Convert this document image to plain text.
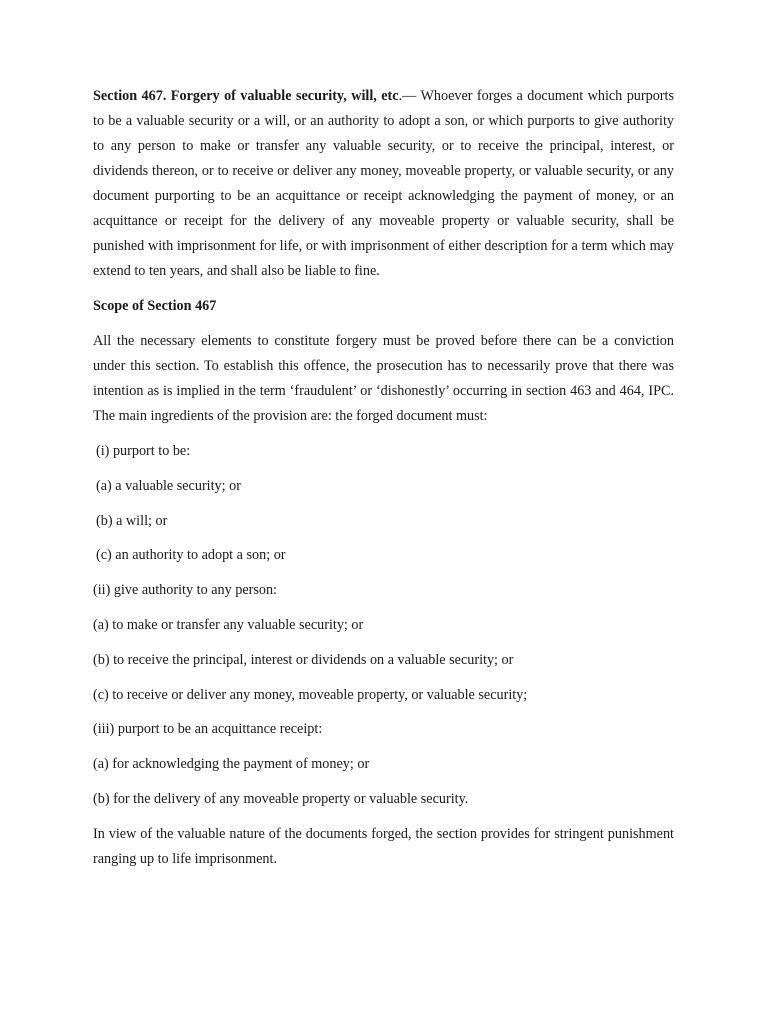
Section 467. Forgery of valuable security, will, etc.— Whoever forges a document which purports to be a valuable security or a will, or an authority to adopt a son, or which purports to give authority to any person to make or transfer any valuable security, or to receive the principal, interest, or dividends thereon, or to receive or deliver any money, moveable property, or valuable security, or any document purporting to be an acquittance or receipt acknowledging the payment of money, or an acquittance or receipt for the delivery of any moveable property or valuable security, shall be punished with imprisonment for life, or with imprisonment of either description for a term which may extend to ten years, and shall also be liable to fine.

Scope of Section 467

All the necessary elements to constitute forgery must be proved before there can be a conviction under this section. To establish this offence, the prosecution has to necessarily prove that there was intention as is implied in the term ‘fraudulent’ or ‘dishonestly’ occurring in section 463 and 464, IPC. The main ingredients of the provision are: the forged document must:

(i) purport to be:

(a) a valuable security; or

(b) a will; or

(c) an authority to adopt a son; or

(ii) give authority to any person:

(a) to make or transfer any valuable security; or

(b) to receive the principal, interest or dividends on a valuable security; or

(c) to receive or deliver any money, moveable property, or valuable security;

(iii) purport to be an acquittance receipt:

(a) for acknowledging the payment of money; or

(b) for the delivery of any moveable property or valuable security.

In view of the valuable nature of the documents forged, the section provides for stringent punishment ranging up to life imprisonment.
